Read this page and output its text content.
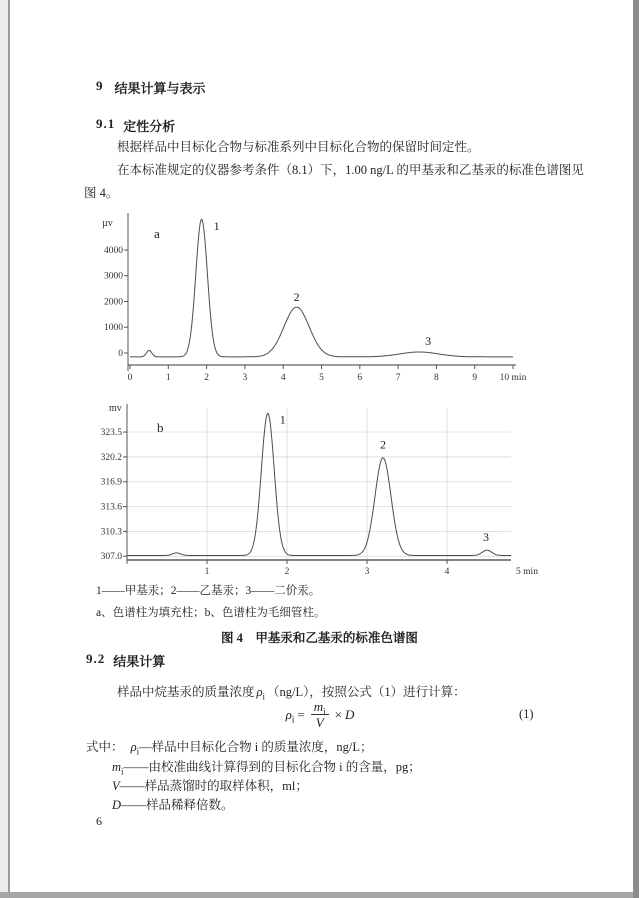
9 结果计算与表示
9.1 定性分析
根据样品中目标化合物与标准系列中目标化合物的保留时间定性。
在本标准规定的仪器参考条件（8.1）下，1.00 ng/L 的甲基汞和乙基汞的标准色谱图见
图 4。
0
1000
2000
3000
4000
0	1	2	3	4	5	6	7	8	9 10 min
µv
a	1
2
3
307.0
310.3
313.6
316.9
320.2
323.5
1	2	3	4	5 min
mv
b
1
2
3
1——甲基汞；2——乙基汞；3——二价汞。
a、色谱柱为填充柱；b、色谱柱为毛细管柱。
图 4　甲基汞和乙基汞的标准色谱图
9.2 结果计算
样品中烷基汞的质量浓度 $\rho_i$ （ng/L），按照公式（1）进行计算：
$\rho_i = \frac{m_i}{V} \times D$	(1)
式中： $\rho_i—$样品中目标化合物 i 的质量浓度，ng/L；
$m_i——$由校准曲线计算得到的目标化合物 i 的含量，pg；
V——样品蒸馏时的取样体积，ml；
D——样品稀释倍数。
6
